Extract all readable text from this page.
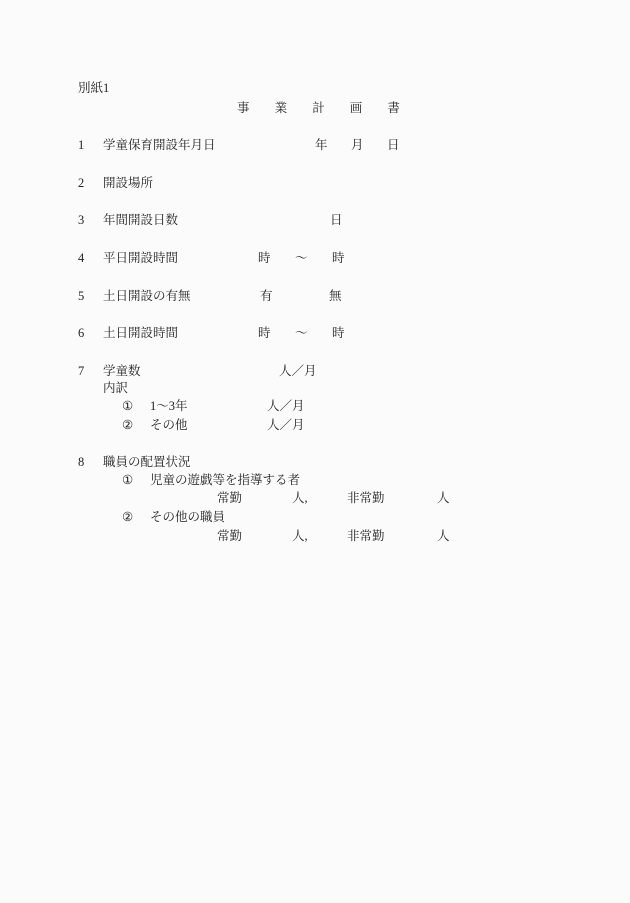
別紙1
事　業　計　画　書
1 学童保育開設年月日	年　月　日
2 開設場所
3 年間開設日数	日
4 平日開設時間	時　～　時
5 土日開設の有無	有	無
6 土日開設時間	時　～　時
7 学童数	人／月
内訳
① 1～3年	人／月
② その他	人／月
8 職員の配置状況
① 児童の遊戯等を指導する者
常勤	人,	非常勤	人
② その他の職員
常勤	人,	非常勤	人
